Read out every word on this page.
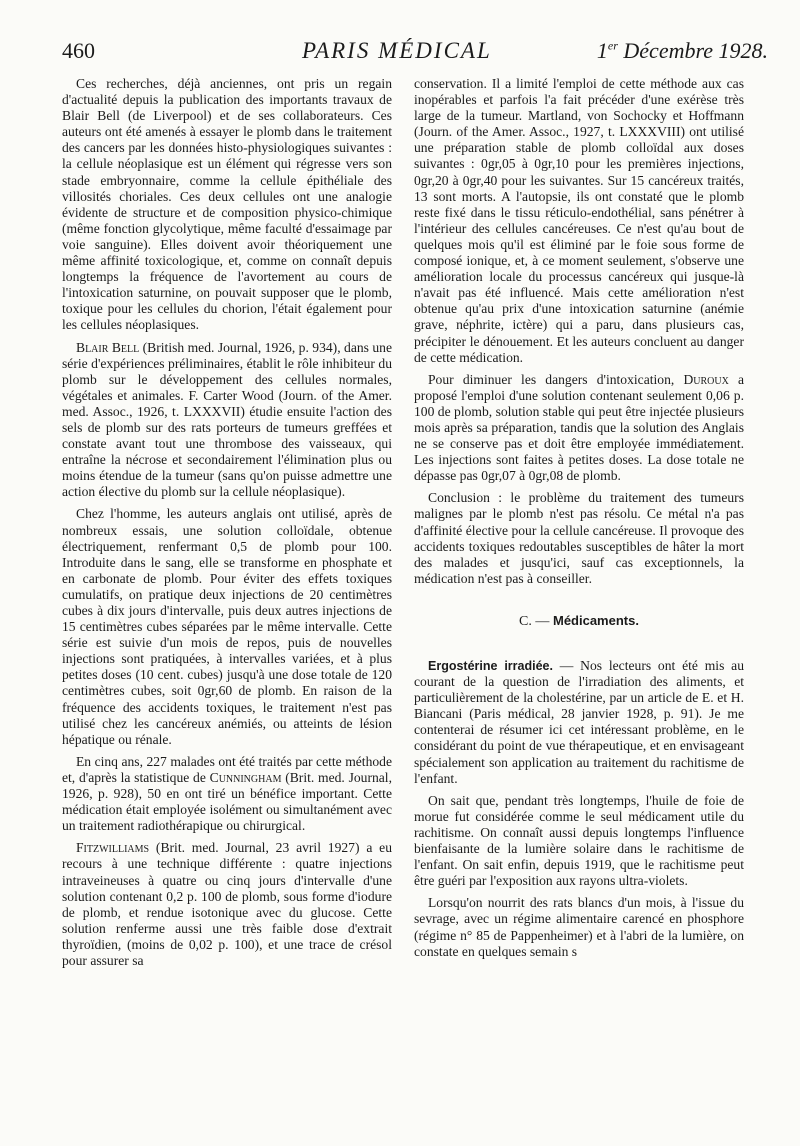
460	PARIS MÉDICAL	1er Décembre 1928.

Ces recherches, déjà anciennes, ont pris un regain d'actualité depuis la publication des importants travaux de Blair Bell (de Liverpool) et de ses collaborateurs. Ces auteurs ont été amenés à essayer le plomb dans le traitement des cancers par les données histo-physiologiques suivantes : la cellule néoplasique est un élément qui régresse vers son stade embryonnaire, comme la cellule épithéliale des villosités choriales. Ces deux cellules ont une analogie évidente de structure et de composition physico-chimique (même fonction glycolytique, même faculté d'essaimage par voie sanguine). Elles doivent avoir théoriquement une même affinité toxicologique, et, comme on connaît depuis longtemps la fréquence de l'avortement au cours de l'intoxication saturnine, on pouvait supposer que le plomb, toxique pour les cellules du chorion, l'était également pour les cellules néoplasiques.

Blair Bell (British med. Journal, 1926, p. 934), dans une série d'expériences préliminaires, établit le rôle inhibiteur du plomb sur le développement des cellules normales, végétales et animales. F. Carter Wood (Journ. of the Amer. med. Assoc., 1926, t. LXXXVII) étudie ensuite l'action des sels de plomb sur des rats porteurs de tumeurs greffées et constate avant tout une thrombose des vaisseaux, qui entraîne la nécrose et secondairement l'élimination plus ou moins étendue de la tumeur (sans qu'on puisse admettre une action élective du plomb sur la cellule néoplasique).

Chez l'homme, les auteurs anglais ont utilisé, après de nombreux essais, une solution colloïdale, obtenue électriquement, renfermant 0,5 de plomb pour 100. Introduite dans le sang, elle se transforme en phosphate et en carbonate de plomb. Pour éviter des effets toxiques cumulatifs, on pratique deux injections de 20 centimètres cubes à dix jours d'intervalle, puis deux autres injections de 15 centimètres cubes séparées par le même intervalle. Cette série est suivie d'un mois de repos, puis de nouvelles injections sont pratiquées, à intervalles variées, et à plus petites doses (10 cent. cubes) jusqu'à une dose totale de 120 centimètres cubes, soit 0gr,60 de plomb. En raison de la fréquence des accidents toxiques, le traitement n'est pas utilisé chez les cancéreux anémiés, ou atteints de lésion hépatique ou rénale.

En cinq ans, 227 malades ont été traités par cette méthode et, d'après la statistique de Cunningham (Brit. med. Journal, 1926, p. 928), 50 en ont tiré un bénéfice important. Cette médication était employée isolément ou simultanément avec un traitement radiothérapique ou chirurgical.

Fitzwilliams (Brit. med. Journal, 23 avril 1927) a eu recours à une technique différente : quatre injections intraveineuses à quatre ou cinq jours d'intervalle d'une solution contenant 0,2 p. 100 de plomb, sous forme d'iodure de plomb, et rendue isotonique avec du glucose. Cette solution renferme aussi une très faible dose d'extrait thyroïdien, (moins de 0,02 p. 100), et une trace de crésol pour assurer sa

conservation. Il a limité l'emploi de cette méthode aux cas inopérables et parfois l'a fait précéder d'une exérèse très large de la tumeur. Martland, von Sochocky et Hoffmann (Journ. of the Amer. Assoc., 1927, t. LXXXVIII) ont utilisé une préparation stable de plomb colloïdal aux doses suivantes : 0gr,05 à 0gr,10 pour les premières injections, 0gr,20 à 0gr,40 pour les suivantes. Sur 15 cancéreux traités, 13 sont morts. A l'autopsie, ils ont constaté que le plomb reste fixé dans le tissu réticulo-endothélial, sans pénétrer à l'intérieur des cellules cancéreuses. Ce n'est qu'au bout de quelques mois qu'il est éliminé par le foie sous forme de composé ionique, et, à ce moment seulement, s'observe une amélioration locale du processus cancéreux qui jusque-là n'avait pas été influencé. Mais cette amélioration n'est obtenue qu'au prix d'une intoxication saturnine (anémie grave, néphrite, ictère) qui a paru, dans plusieurs cas, précipiter le dénouement. Et les auteurs concluent au danger de cette médication.

Pour diminuer les dangers d'intoxication, Duroux a proposé l'emploi d'une solution contenant seulement 0,06 p. 100 de plomb, solution stable qui peut être injectée plusieurs mois après sa préparation, tandis que la solution des Anglais ne se conserve pas et doit être employée immédiatement. Les injections sont faites à petites doses. La dose totale ne dépasse pas 0gr,07 à 0gr,08 de plomb.

Conclusion : le problème du traitement des tumeurs malignes par le plomb n'est pas résolu. Ce métal n'a pas d'affinité élective pour la cellule cancéreuse. Il provoque des accidents toxiques redoutables susceptibles de hâter la mort des malades et jusqu'ici, sauf cas exceptionnels, la médication n'est pas à conseiller.

C. — Médicaments.

Ergostérine irradiée. — Nos lecteurs ont été mis au courant de la question de l'irradiation des aliments, et particulièrement de la cholestérine, par un article de E. et H. Biancani (Paris médical, 28 janvier 1928, p. 91). Je me contenterai de résumer ici cet intéressant problème, en le considérant du point de vue thérapeutique, et en envisageant spécialement son application au traitement du rachitisme de l'enfant.

On sait que, pendant très longtemps, l'huile de foie de morue fut considérée comme le seul médicament utile du rachitisme. On connaît aussi depuis longtemps l'influence bienfaisante de la lumière solaire dans le rachitisme de l'enfant. On sait enfin, depuis 1919, que le rachitisme peut être guéri par l'exposition aux rayons ultra-violets.

Lorsqu'on nourrit des rats blancs d'un mois, à l'issue du sevrage, avec un régime alimentaire carencé en phosphore (régime n° 85 de Pappenheimer) et à l'abri de la lumière, on constate en quelques semain s
